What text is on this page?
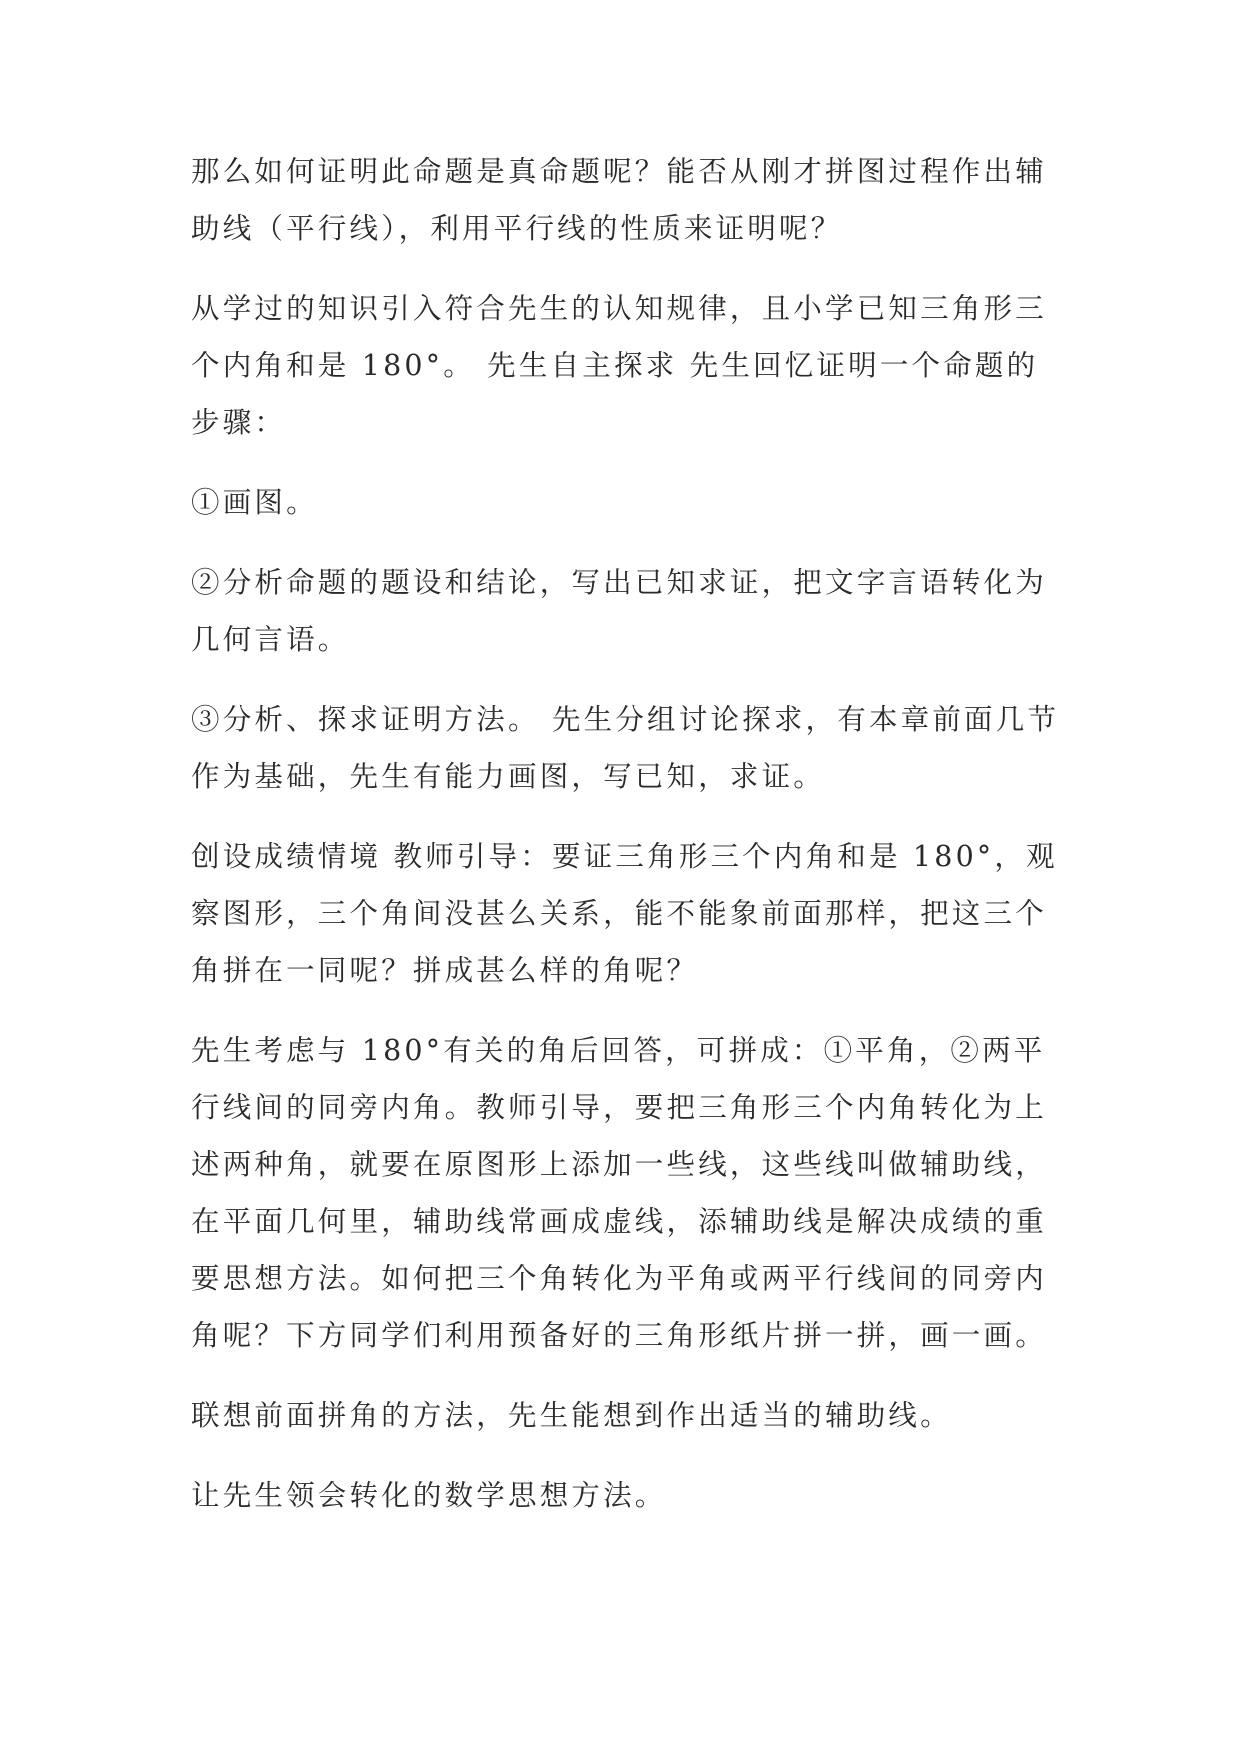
那么如何证明此命题是真命题呢？能否从刚才拼图过程作出辅助线（平行线），利用平行线的性质来证明呢？

从学过的知识引入符合先生的认知规律，且小学已知三角形三个内角和是 180°。 先生自主探求 先生回忆证明一个命题的步骤：

①画图。

②分析命题的题设和结论，写出已知求证，把文字言语转化为几何言语。

③分析、探求证明方法。 先生分组讨论探求，有本章前面几节作为基础，先生有能力画图，写已知，求证。

创设成绩情境 教师引导：要证三角形三个内角和是 180°，观察图形，三个角间没甚么关系，能不能象前面那样，把这三个角拼在一同呢？拼成甚么样的角呢？

先生考虑与 180°有关的角后回答，可拼成：①平角，②两平行线间的同旁内角。教师引导，要把三角形三个内角转化为上述两种角，就要在原图形上添加一些线，这些线叫做辅助线，在平面几何里，辅助线常画成虚线，添辅助线是解决成绩的重要思想方法。如何把三个角转化为平角或两平行线间的同旁内角呢？下方同学们利用预备好的三角形纸片拼一拼，画一画。

联想前面拼角的方法，先生能想到作出适当的辅助线。

让先生领会转化的数学思想方法。
